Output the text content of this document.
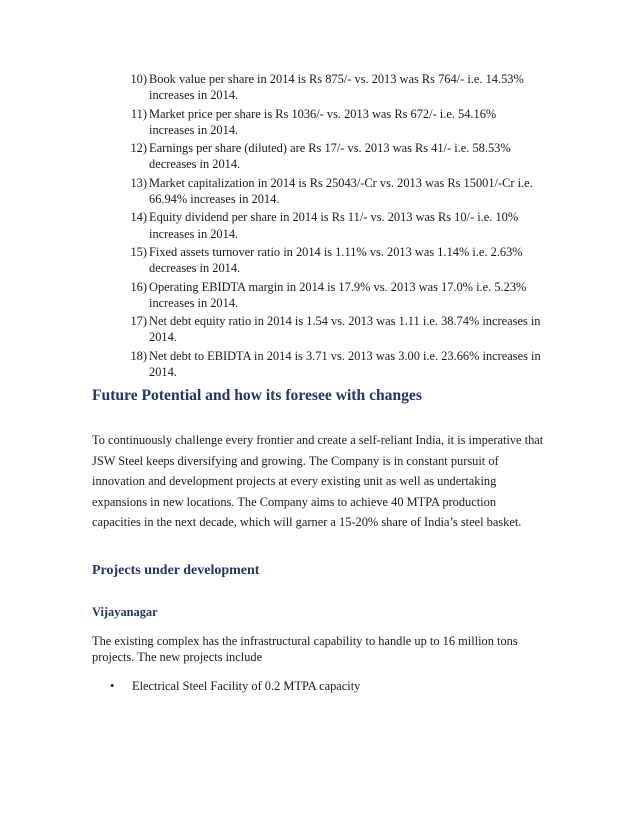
10 ) Book value per share in 2014 is Rs 875/- vs. 2013 was Rs 764/- i.e. 14.53% increases in 2014.
11 ) Market price per share is Rs 1036/- vs. 2013 was Rs 672/- i.e. 54.16% increases in 2014.
12 ) Earnings per share (diluted) are Rs 17/- vs. 2013 was Rs 41/- i.e. 58.53% decreases in 2014.
13 ) Market capitalization in 2014 is Rs 25043/-Cr vs. 2013 was Rs 15001/-Cr i.e. 66.94% increases in 2014.
14 ) Equity dividend per share in 2014 is Rs 11/- vs. 2013 was Rs 10/- i.e. 10% increases in 2014.
15 ) Fixed assets turnover ratio in 2014 is 1.11% vs. 2013 was 1.14% i.e. 2.63% decreases in 2014.
16 ) Operating EBIDTA margin in 2014 is 17.9% vs. 2013 was 17.0% i.e. 5.23% increases in 2014.
17 ) Net debt equity ratio in 2014 is 1.54 vs. 2013 was 1.11 i.e. 38.74% increases in 2014.
18 ) Net debt to EBIDTA in 2014 is 3.71 vs. 2013 was 3.00 i.e. 23.66% increases in 2014.
Future Potential and how its foresee with changes

To continuously challenge every frontier and create a self-reliant India, it is imperative that JSW Steel keeps diversifying and growing. The Company is in constant pursuit of innovation and development projects at every existing unit as well as undertaking expansions in new locations. The Company aims to achieve 40 MTPA production capacities in the next decade, which will garner a 15-20% share of India’s steel basket.

Projects under development
Vijayanagar

The existing complex has the infrastructural capability to handle up to 16 million tons projects. The new projects include

• Electrical Steel Facility of 0.2 MTPA capacity
